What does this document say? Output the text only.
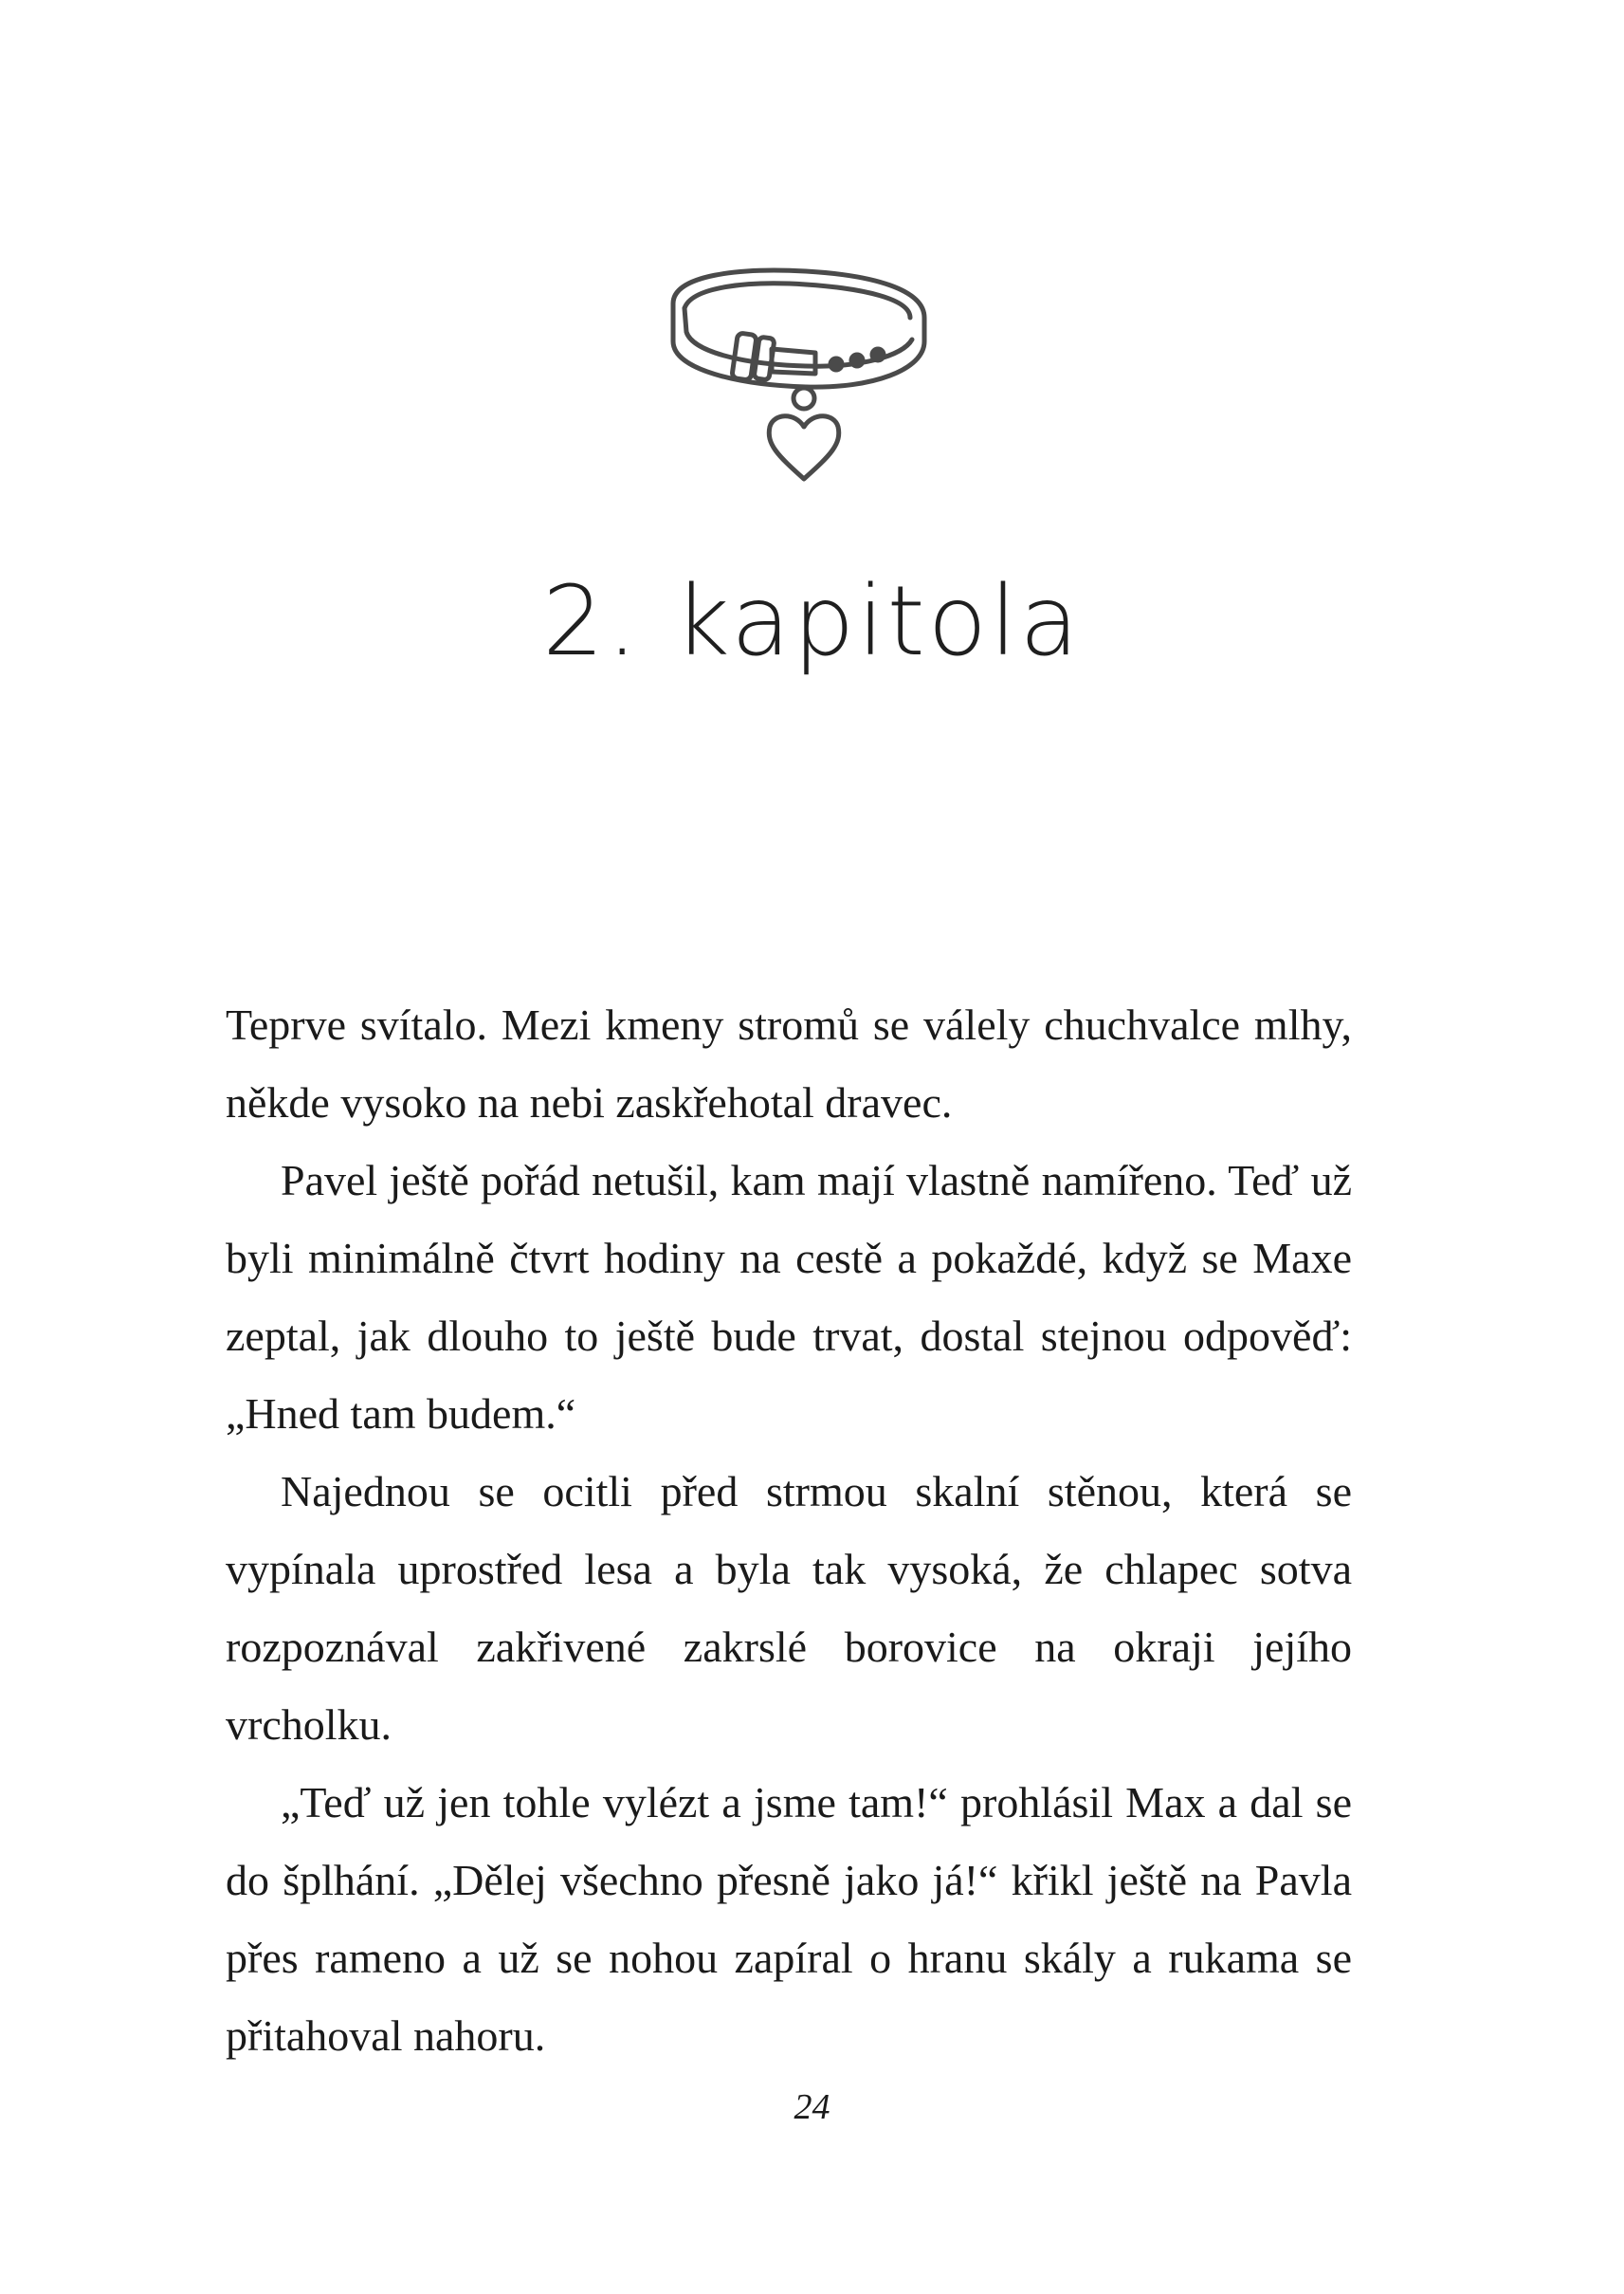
2. kapitola

Teprve svítalo. Mezi kmeny stromů se válely chuchvalce mlhy, někde vysoko na nebi zaskřehotal dravec.

Pavel ještě pořád netušil, kam mají vlastně namířeno. Teď už byli minimálně čtvrt hodiny na cestě a pokaždé, když se Maxe zeptal, jak dlouho to ještě bude trvat, dostal stejnou odpověď: „Hned tam budem.“

Najednou se ocitli před strmou skalní stěnou, která se vypínala uprostřed lesa a byla tak vysoká, že chlapec sotva rozpoznával zakřivené zakrslé borovice na okraji jejího vrcholku.

„Teď už jen tohle vylézt a jsme tam!“ prohlásil Max a dal se do šplhání. „Dělej všechno přesně jako já!“ křikl ještě na Pavla přes rameno a už se nohou zapíral o hranu skály a rukama se přitahoval nahoru.

24
